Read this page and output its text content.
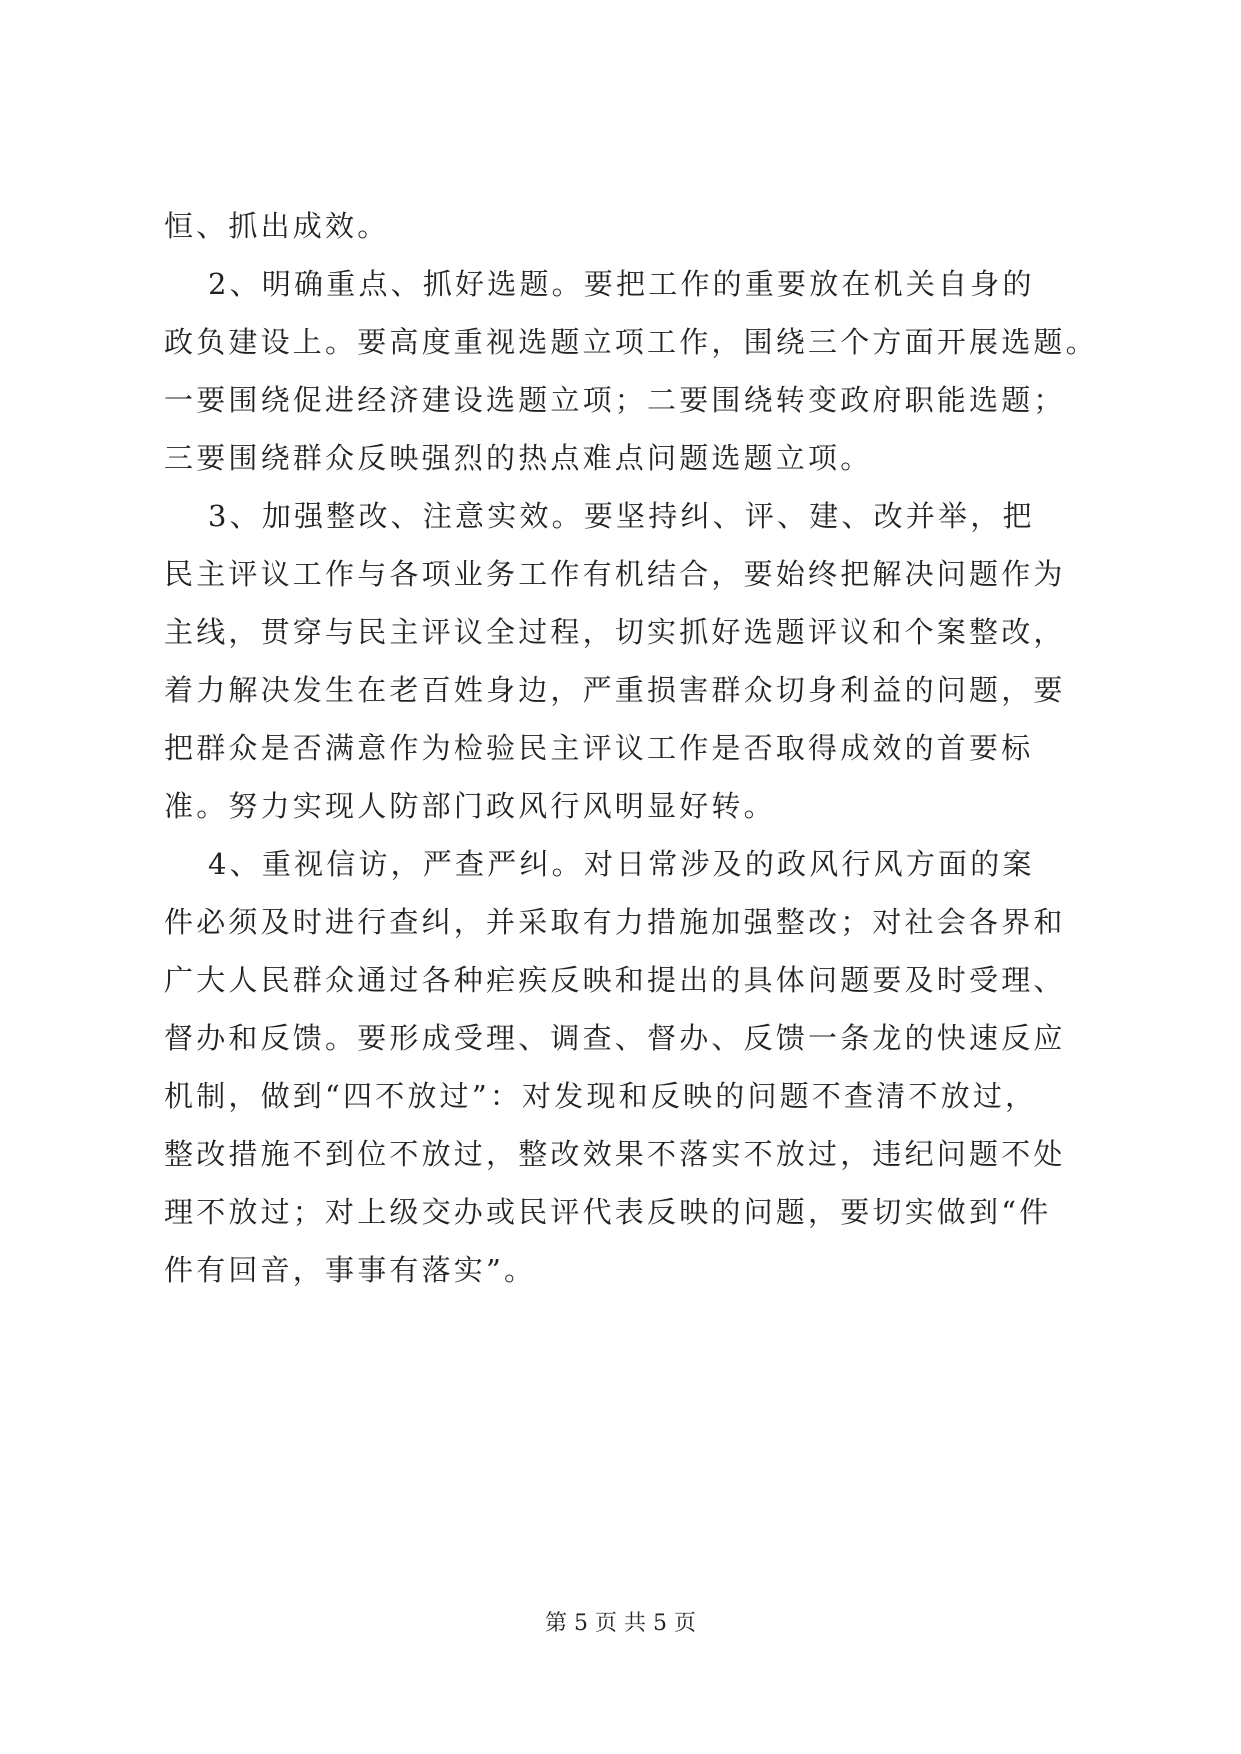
恒、抓出成效。
2、明确重点、抓好选题。要把工作的重要放在机关自身的
政负建设上。要高度重视选题立项工作，围绕三个方面开展选题。
一要围绕促进经济建设选题立项；二要围绕转变政府职能选题；
三要围绕群众反映强烈的热点难点问题选题立项。
3、加强整改、注意实效。要坚持纠、评、建、改并举，把
民主评议工作与各项业务工作有机结合，要始终把解决问题作为
主线，贯穿与民主评议全过程，切实抓好选题评议和个案整改，
着力解决发生在老百姓身边，严重损害群众切身利益的问题，要
把群众是否满意作为检验民主评议工作是否取得成效的首要标
准。努力实现人防部门政风行风明显好转。
4、重视信访，严查严纠。对日常涉及的政风行风方面的案
件必须及时进行查纠，并采取有力措施加强整改；对社会各界和
广大人民群众通过各种疟疾反映和提出的具体问题要及时受理、
督办和反馈。要形成受理、调查、督办、反馈一条龙的快速反应
机制，做到“四不放过”：对发现和反映的问题不查清不放过，
整改措施不到位不放过，整改效果不落实不放过，违纪问题不处
理不放过；对上级交办或民评代表反映的问题，要切实做到“件
件有回音，事事有落实”。
第 5 页 共 5 页
